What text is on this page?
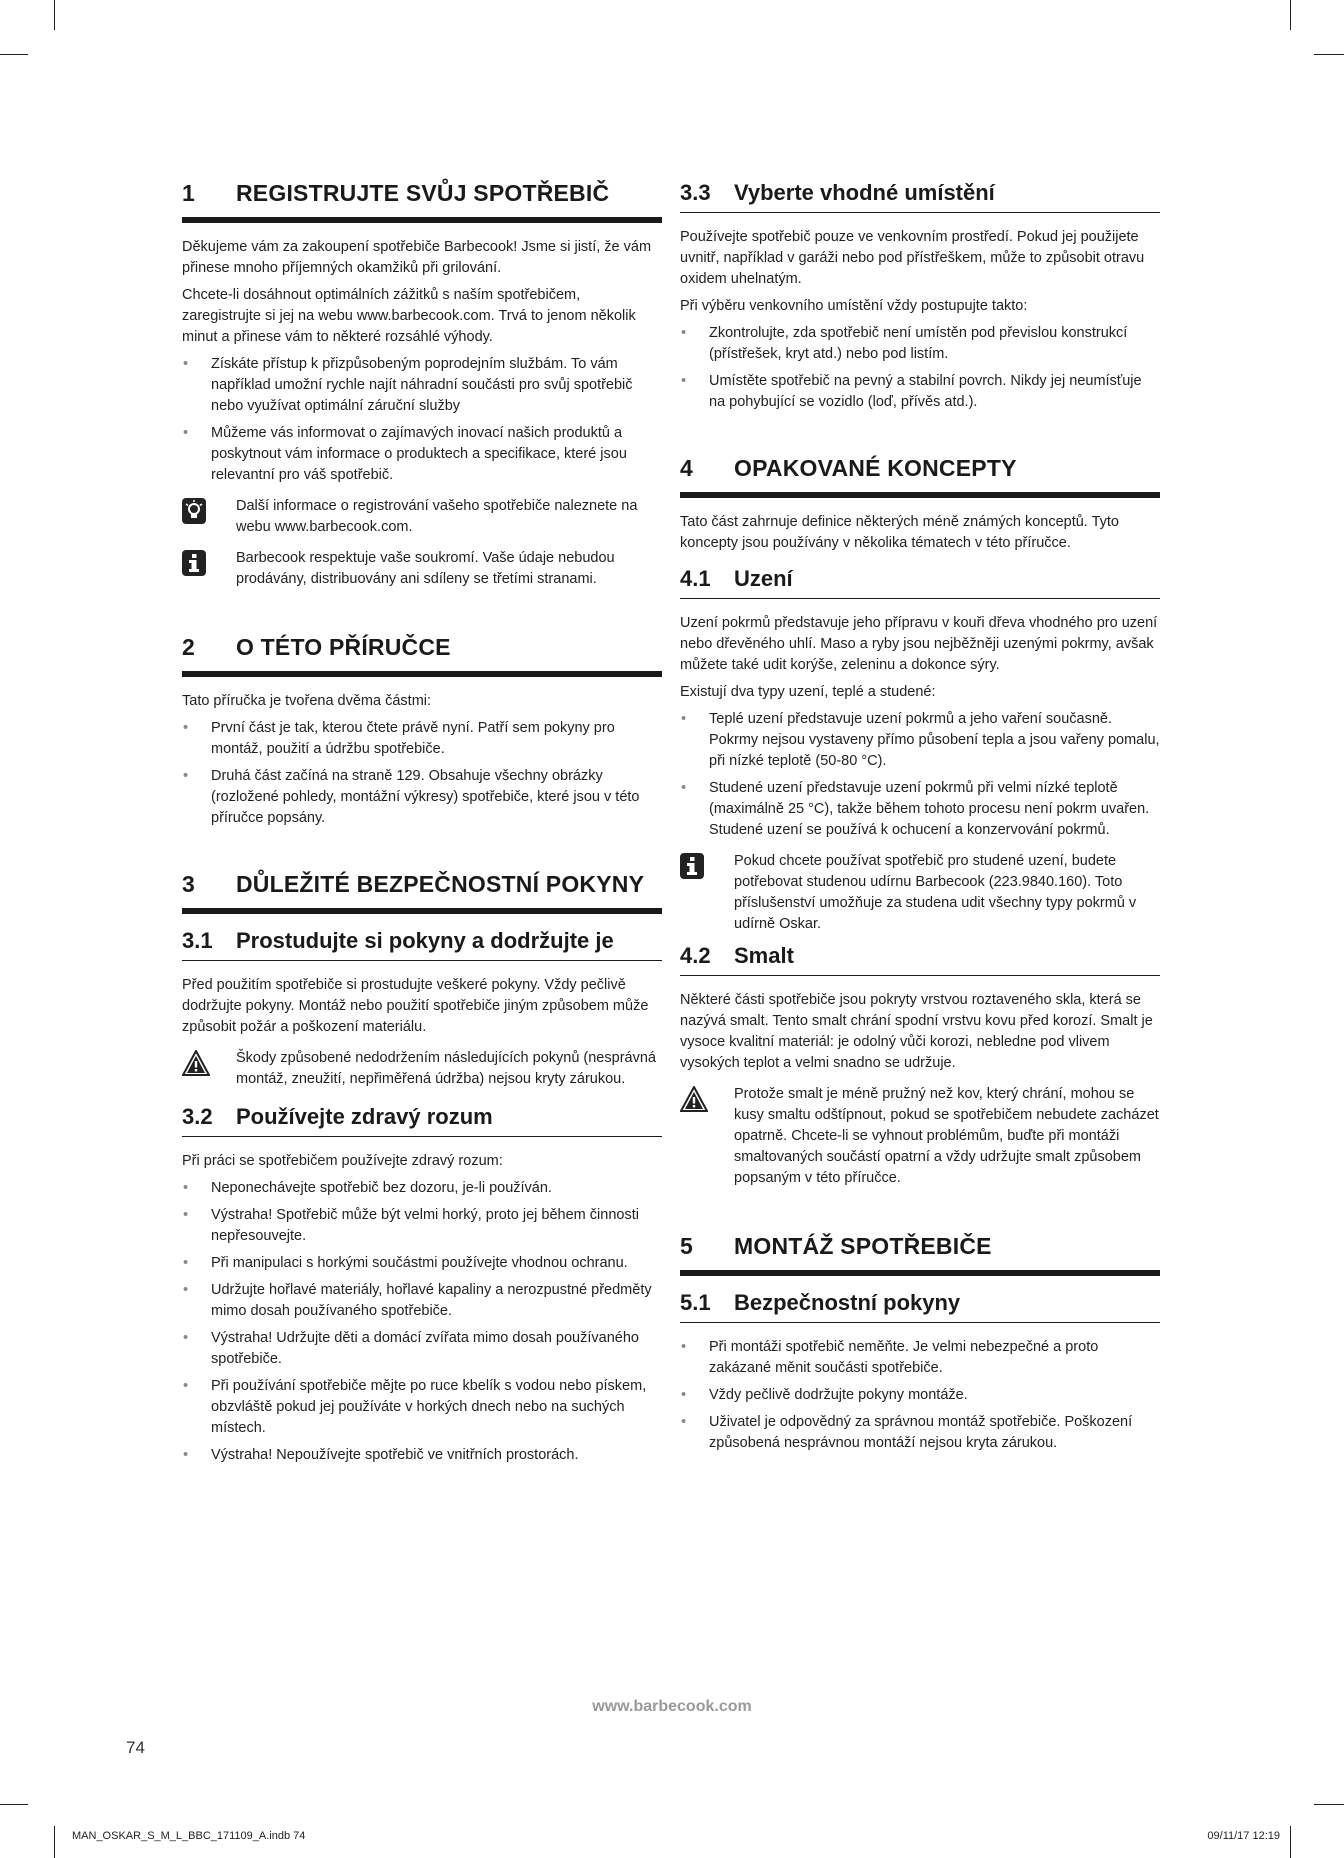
1	REGISTRUJTE SVŮJ SPOTŘEBIČ

Děkujeme vám za zakoupení spotřebiče Barbecook! Jsme si jistí, že vám přinese mnoho příjemných okamžiků při grilování.

Chcete-li dosáhnout optimálních zážitků s naším spotřebičem, zaregistrujte si jej na webu www.barbecook.com. Trvá to jenom několik minut a přinese vám to některé rozsáhlé výhody.

• Získáte přístup k přizpůsobeným poprodejním službám. To vám například umožní rychle najít náhradní součásti pro svůj spotřebič nebo využívat optimální záruční služby
• Můžeme vás informovat o zajímavých inovací našich produktů a poskytnout vám informace o produktech a specifikace, které jsou relevantní pro váš spotřebič.

Další informace o registrování vašeho spotřebiče naleznete na webu www.barbecook.com.

Barbecook respektuje vaše soukromí. Vaše údaje nebudou prodávány, distribuovány ani sdíleny se třetími stranami.

2	O TÉTO PŘÍRUČCE

Tato příručka je tvořena dvěma částmi:

• První část je tak, kterou čtete právě nyní. Patří sem pokyny pro montáž, použití a údržbu spotřebiče.
• Druhá část začíná na straně 129. Obsahuje všechny obrázky (rozložené pohledy, montážní výkresy) spotřebiče, které jsou v této příručce popsány.
3	DŮLEŽITÉ BEZPEČNOSTNÍ POKYNY
3.1	Prostudujte si pokyny a dodržujte je

Před použitím spotřebiče si prostudujte veškeré pokyny. Vždy pečlivě dodržujte pokyny. Montáž nebo použití spotřebiče jiným způsobem může způsobit požár a poškození materiálu.

Škody způsobené nedodržením následujících pokynů (nesprávná montáž, zneužití, nepřiměřená údržba) nejsou kryty zárukou.

3.2	Používejte zdravý rozum

Při práci se spotřebičem používejte zdravý rozum:

• Neponechávejte spotřebič bez dozoru, je-li používán.
• Výstraha! Spotřebič může být velmi horký, proto jej během činnosti nepřesouvejte.
• Při manipulaci s horkými součástmi používejte vhodnou ochranu.
• Udržujte hořlavé materiály, hořlavé kapaliny a nerozpustné předměty mimo dosah používaného spotřebiče.
• Výstraha! Udržujte děti a domácí zvířata mimo dosah používaného spotřebiče.
• Při používání spotřebiče mějte po ruce kbelík s vodou nebo pískem, obzvláště pokud jej používáte v horkých dnech nebo na suchých místech.
• Výstraha! Nepoužívejte spotřebič ve vnitřních prostorách.
3.3	Vyberte vhodné umístění

Používejte spotřebič pouze ve venkovním prostředí. Pokud jej použijete uvnitř, například v garáži nebo pod přístřeškem, může to způsobit otravu oxidem uhelnatým.

Při výběru venkovního umístění vždy postupujte takto:

• Zkontrolujte, zda spotřebič není umístěn pod převislou konstrukcí (přístřešek, kryt atd.) nebo pod listím.
• Umístěte spotřebič na pevný a stabilní povrch. Nikdy jej neumísťuje na pohybující se vozidlo (loď, přívěs atd.).
4	OPAKOVANÉ KONCEPTY

Tato část zahrnuje definice některých méně známých konceptů. Tyto koncepty jsou používány v několika tématech v této příručce.

4.1	Uzení

Uzení pokrmů představuje jeho přípravu v kouři dřeva vhodného pro uzení nebo dřevěného uhlí. Maso a ryby jsou nejběžněji uzenými pokrmy, avšak můžete také udit korýše, zeleninu a dokonce sýry.

Existují dva typy uzení, teplé a studené:

• Teplé uzení představuje uzení pokrmů a jeho vaření současně. Pokrmy nejsou vystaveny přímo působení tepla a jsou vařeny pomalu, při nízké teplotě (50-80 °C).
• Studené uzení představuje uzení pokrmů při velmi nízké teplotě (maximálně 25 °C), takže během tohoto procesu není pokrm uvařen. Studené uzení se používá k ochucení a konzervování pokrmů.

Pokud chcete používat spotřebič pro studené uzení, budete potřebovat studenou udírnu Barbecook (223.9840.160). Toto příslušenství umožňuje za studena udit všechny typy pokrmů v udírně Oskar.

4.2	Smalt

Některé části spotřebiče jsou pokryty vrstvou roztaveného skla, která se nazývá smalt. Tento smalt chrání spodní vrstvu kovu před korozí. Smalt je vysoce kvalitní materiál: je odolný vůči korozi, nebledne pod vlivem vysokých teplot a velmi snadno se udržuje.

Protože smalt je méně pružný než kov, který chrání, mohou se kusy smaltu odštípnout, pokud se spotřebičem nebudete zacházet opatrně. Chcete-li se vyhnout problémům, buďte při montáži smaltovaných součástí opatrní a vždy udržujte smalt způsobem popsaným v této příručce.

5	MONTÁŽ SPOTŘEBIČE
5.1	Bezpečnostní pokyny
• Při montáži spotřebič neměňte. Je velmi nebezpečné a proto zakázané měnit součásti spotřebiče.
• Vždy pečlivě dodržujte pokyny montáže.
• Uživatel je odpovědný za správnou montáž spotřebiče. Poškození způsobená nesprávnou montáží nejsou kryta zárukou.
www.barbecook.com
74
MAN_OSKAR_S_M_L_BBC_171109_A.indb 74	09/11/17 12:19
